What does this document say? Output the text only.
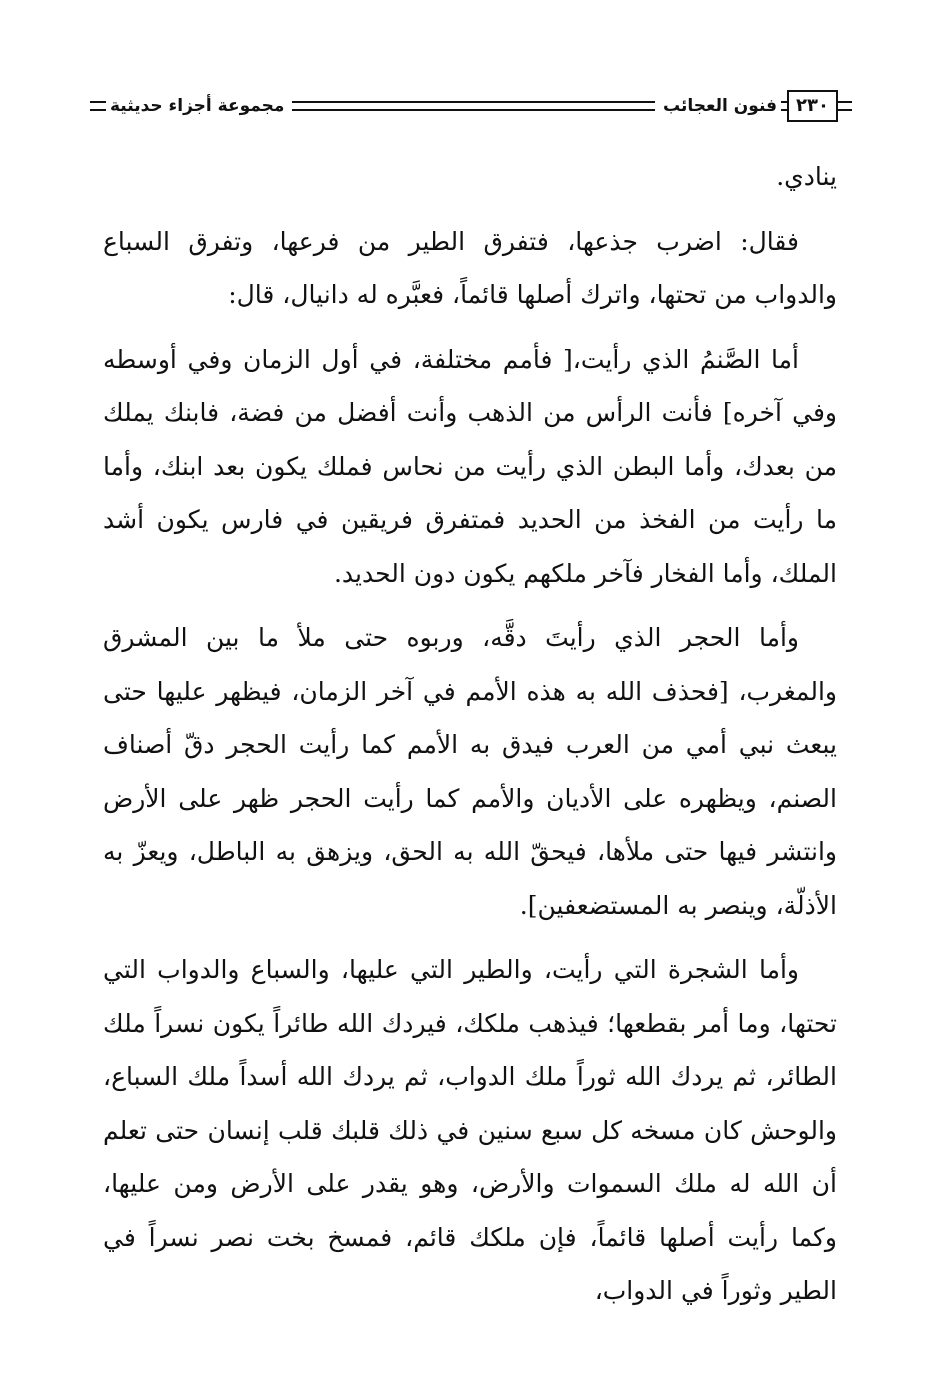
٢٣٠
فنون العجائب
مجموعة أجزاء حديثية

ينادي.

فقال: اضرب جذعها، فتفرق الطير من فرعها، وتفرق السباع والدواب من تحتها، واترك أصلها قائماً، فعبَّره له دانيال، قال:

أما الصَّنمُ الذي رأيت،[ فأمم مختلفة، في أول الزمان وفي أوسطه وفي آخره] فأنت الرأس من الذهب وأنت أفضل من فضة، فابنك يملك من بعدك، وأما البطن الذي رأيت من نحاس فملك يكون بعد ابنك، وأما ما رأيت من الفخذ من الحديد فمتفرق فريقين في فارس يكون أشد الملك، وأما الفخار فآخر ملكهم يكون دون الحديد.

وأما الحجر الذي رأيتَ دقَّه، وربوه حتى ملأ ما بين المشرق والمغرب، [فحذف الله به هذه الأمم في آخر الزمان، فيظهر عليها حتى يبعث نبي أمي من العرب فيدق به الأمم كما رأيت الحجر دقّ أصناف الصنم، ويظهره على الأديان والأمم كما رأيت الحجر ظهر على الأرض وانتشر فيها حتى ملأها، فيحقّ الله به الحق، ويزهق به الباطل، ويعزّ به الأذلّة، وينصر به المستضعفين].

وأما الشجرة التي رأيت، والطير التي عليها، والسباع والدواب التي تحتها، وما أمر بقطعها؛ فيذهب ملكك، فيردك الله طائراً يكون نسراً ملك الطائر، ثم يردك الله ثوراً ملك الدواب، ثم يردك الله أسداً ملك السباع، والوحش كان مسخه كل سبع سنين في ذلك قلبك قلب إنسان حتى تعلم أن الله له ملك السموات والأرض، وهو يقدر على الأرض ومن عليها، وكما رأيت أصلها قائماً، فإن ملكك قائم، فمسخ بخت نصر نسراً في الطير وثوراً في الدواب،
